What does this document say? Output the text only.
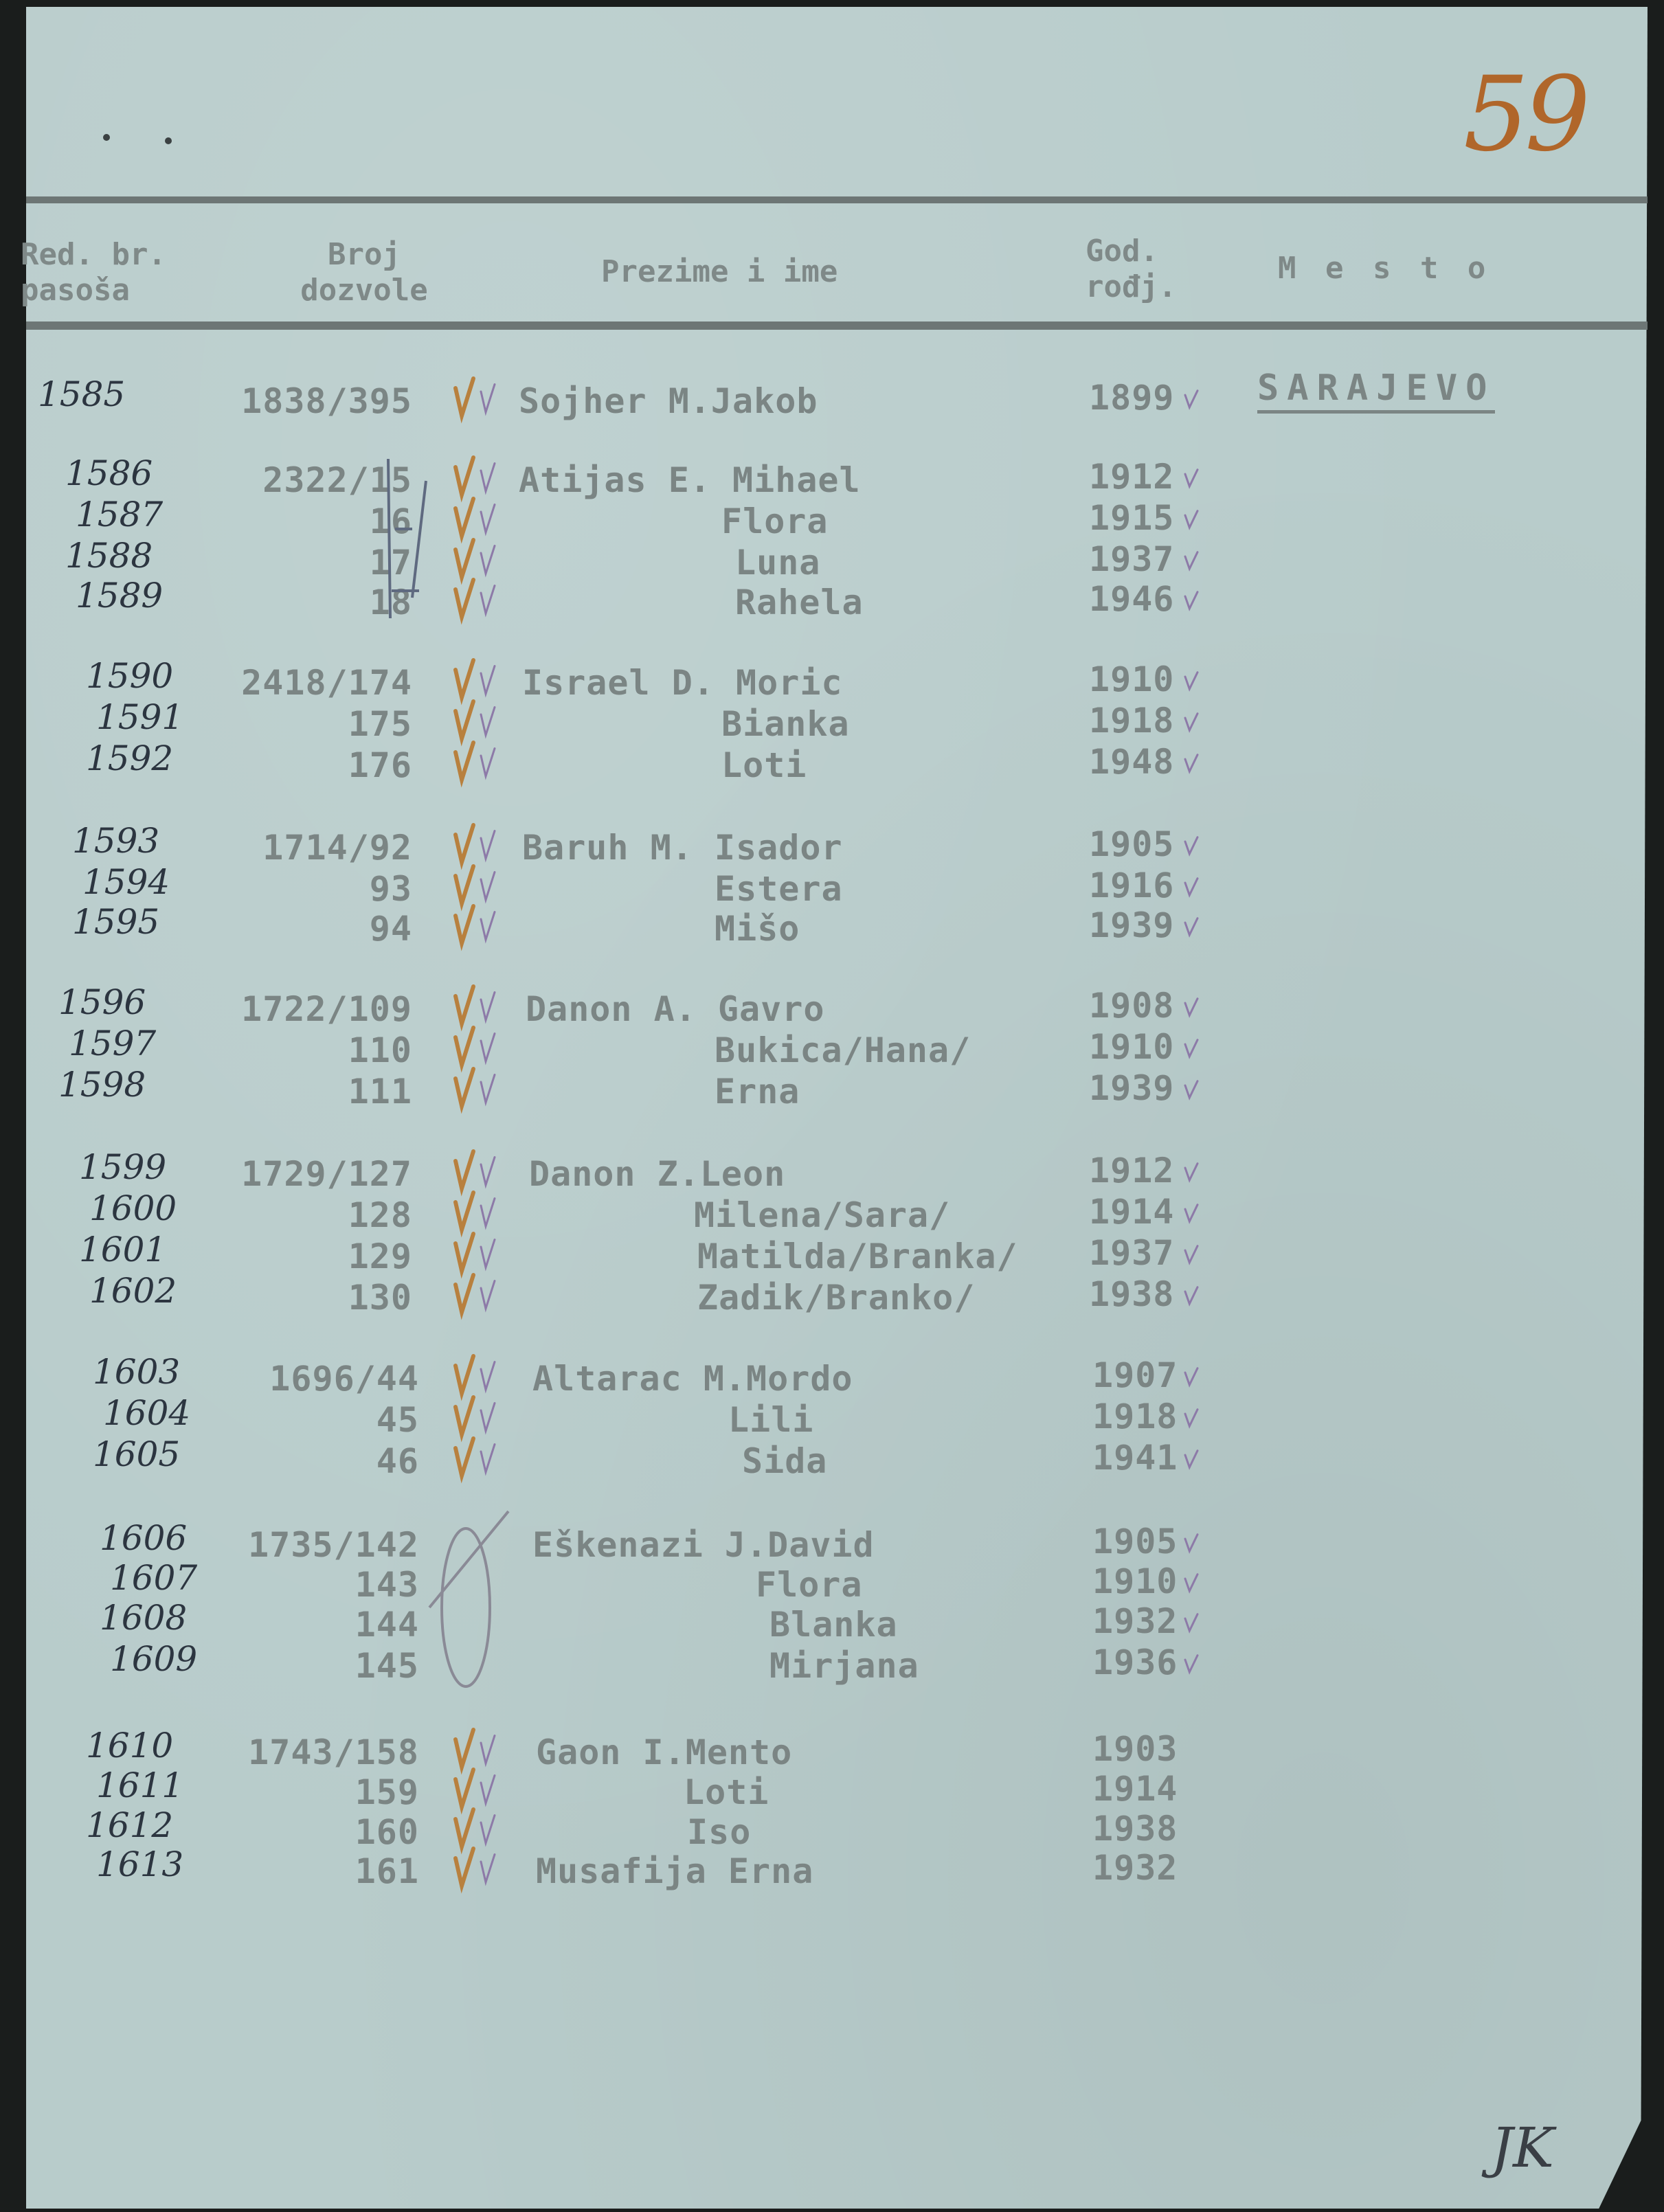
59
Red. br.
pasoša
Broj
dozvole
Prezime i ime
God.
rođj.
M e s t o
SARAJEVO
1585	1838/395	Sojher M.Jakob	1899
1586	2322/15	Atijas E. Mihael	1912
1587	16	Flora	1915
1588	17	Luna	1937
1589	18	Rahela	1946
1590	2418/174	Israel D. Moric	1910
1591	175	Bianka	1918
1592	176	Loti	1948
1593	1714/92	Baruh M. Isador	1905
1594	93	Estera	1916
1595	94	Mišo	1939
1596	1722/109	Danon A. Gavro	1908
1597	110	Bukica/Hana/	1910
1598	111	Erna	1939
1599	1729/127	Danon Z.Leon	1912
1600	128	Milena/Sara/	1914
1601	129	Matilda/Branka/ 1937
1602	130	Zadik/Branko/	1938
1603	1696/44	Altarac M.Mordo	1907
1604	45	Lili	1918
1605	46	Sida	1941
1606	1735/142	Eškenazi J.David	1905
1607	143	Flora	1910
1608	144	Blanka	1932
1609	145	Mirjana	1936
1610	1743/158	Gaon I.Mento	1903
1611	159	Loti	1914
1612	160	Iso	1938
1613	161	Musafija Erna	1932
JK
